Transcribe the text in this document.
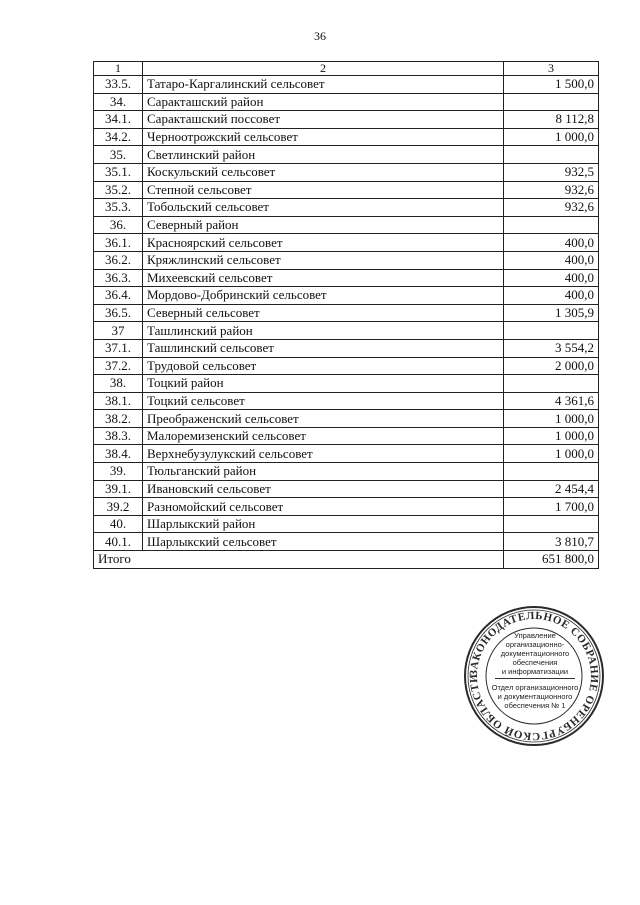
36
1	2	3
33.5.	Татаро-Каргалинский сельсовет	1 500,0
34.	Саракташский район	
34.1.	Саракташский поссовет	8 112,8
34.2.	Черноотрожский сельсовет	1 000,0
35.	Светлинский район	
35.1.	Коскульский сельсовет	932,5
35.2.	Степной сельсовет	932,6
35.3.	Тобольский сельсовет	932,6
36.	Северный район	
36.1.	Красноярский сельсовет	400,0
36.2.	Кряжлинский сельсовет	400,0
36.3.	Михеевский сельсовет	400,0
36.4.	Мордово-Добринский сельсовет	400,0
36.5.	Северный сельсовет	1 305,9
37	Ташлинский район	
37.1.	Ташлинский сельсовет	3 554,2
37.2.	Трудовой сельсовет	2 000,0
38.	Тоцкий район	
38.1.	Тоцкий сельсовет	4 361,6
38.2.	Преображенский сельсовет	1 000,0
38.3.	Малоремизенский сельсовет	1 000,0
38.4.	Верхнебузулукский сельсовет	1 000,0
39.	Тюльганский район	
39.1.	Ивановский сельсовет	2 454,4
39.2	Разномойский сельсовет	1 700,0
40.	Шарлыкский район	
40.1.	Шарлыкский сельсовет	3 810,7
Итого		651 800,0
ЗАКОНОДАТЕЛЬНОЕ СОБРАНИЕ ОРЕНБУРГСКОЙ ОБЛАСТИ
Управление
организационно-
документационного
обеспечения
и информатизации
Отдел организационного
и документационного
обеспечения № 1
